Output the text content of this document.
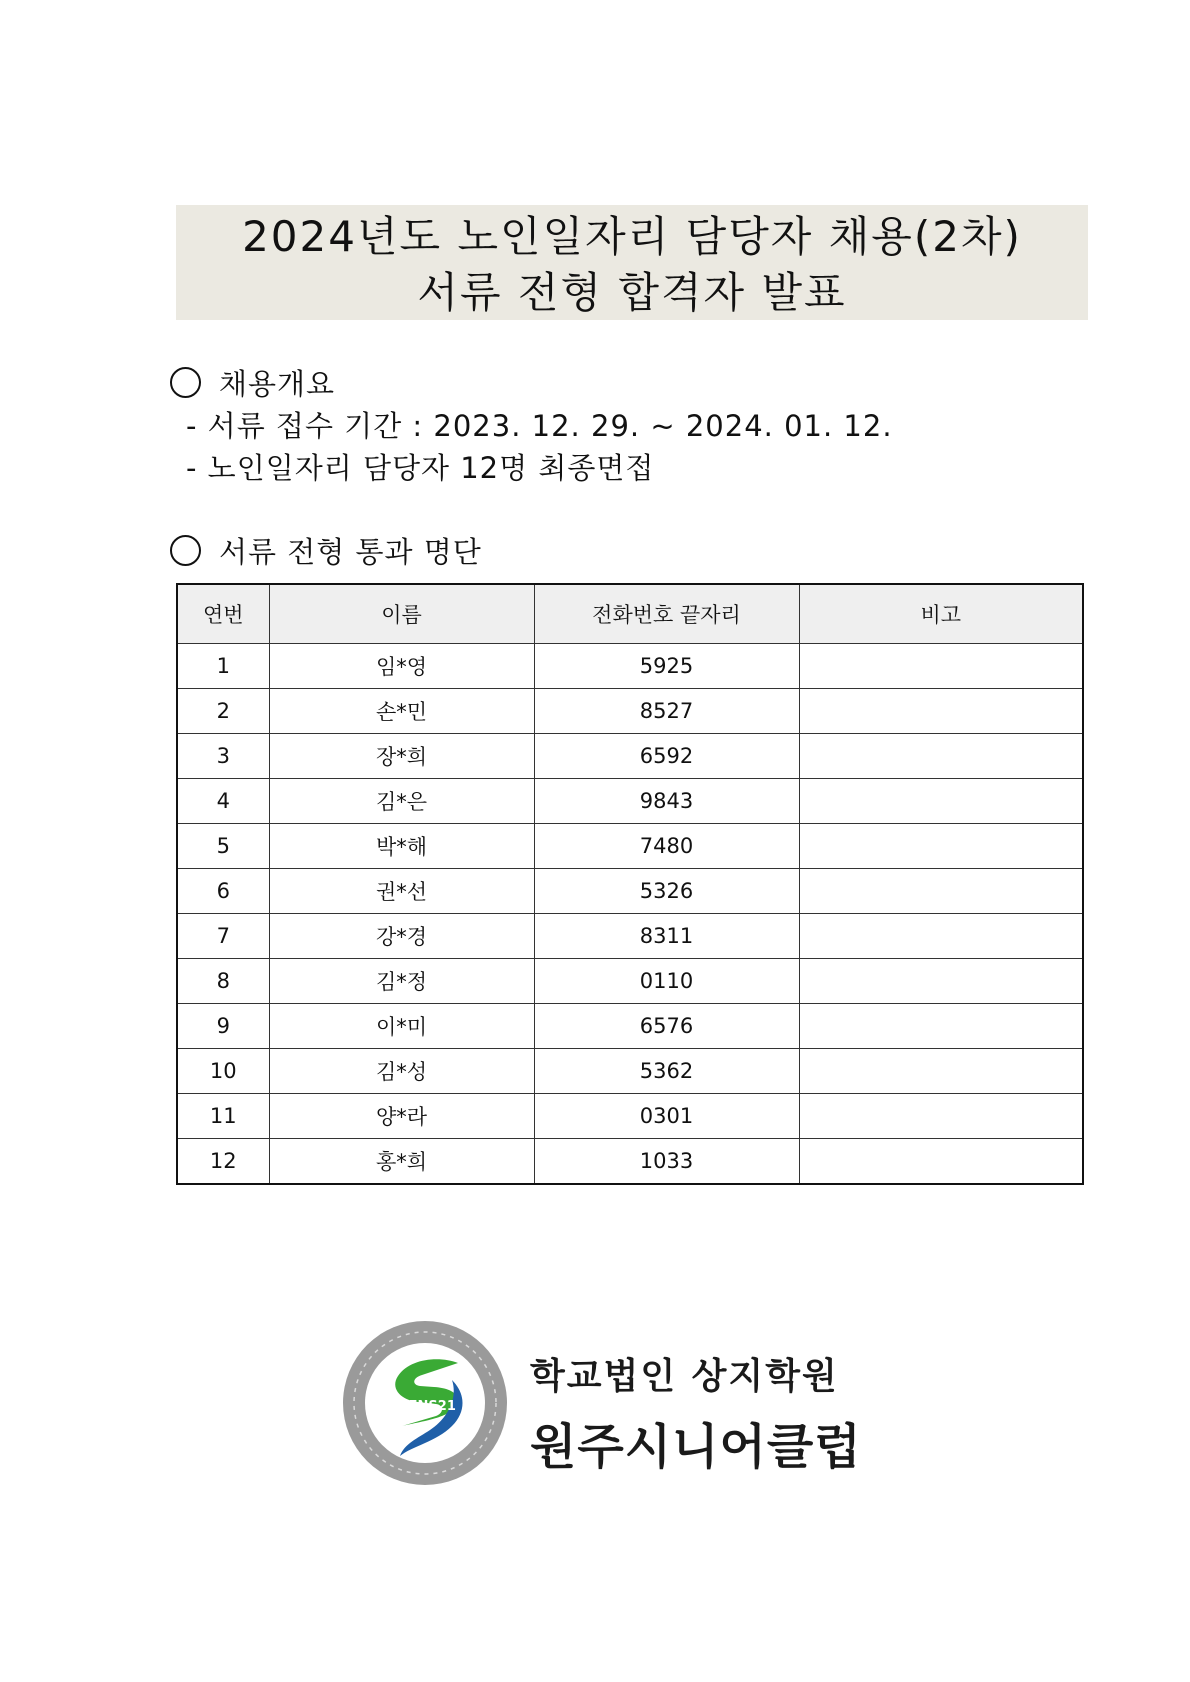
2024년도 노인일자리 담당자 채용(2차)
서류 전형 합격자 발표
채용개요
- 서류 접수 기간 : 2023. 12. 29. ~ 2024. 01. 12.
- 노인일자리 담당자 12명 최종면접
서류 전형 통과 명단
연번	이름	전화번호 끝자리	비고
1	임*영	5925	
2	손*민	8527	
3	장*희	6592	
4	김*은	9843	
5	박*해	7480	
6	권*선	5326	
7	강*경	8311	
8	김*정	0110	
9	이*미	6576	
10	김*성	5362	
11	양*라	0301	
12	홍*희	1033	
GENS21
학교법인 상지학원
원주시니어클럽
